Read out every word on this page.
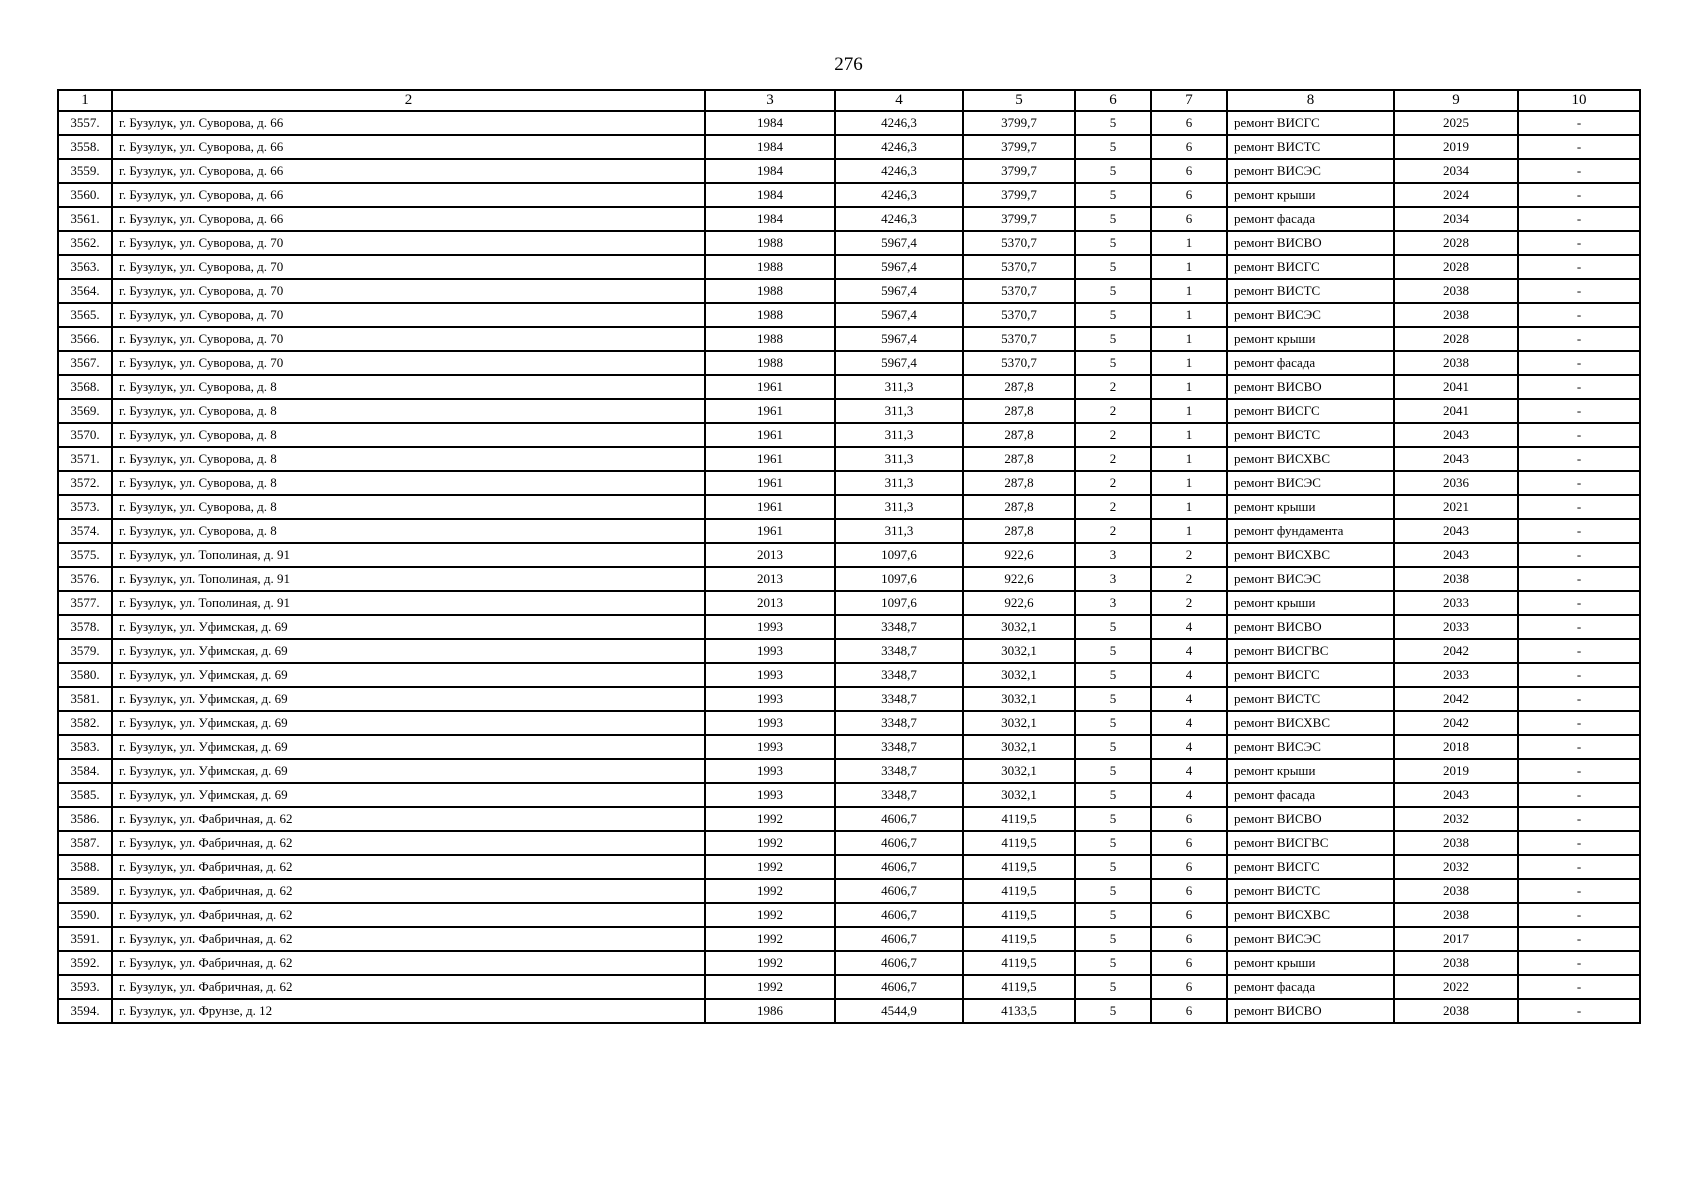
276
1	2	3	4	5	6	7	8	9	10
3557.	г. Бузулук, ул. Суворова, д. 66	1984	4246,3	3799,7	5	6	ремонт ВИСГС	2025	-
3558.	г. Бузулук, ул. Суворова, д. 66	1984	4246,3	3799,7	5	6	ремонт ВИСТС	2019	-
3559.	г. Бузулук, ул. Суворова, д. 66	1984	4246,3	3799,7	5	6	ремонт ВИСЭС	2034	-
3560.	г. Бузулук, ул. Суворова, д. 66	1984	4246,3	3799,7	5	6	ремонт крыши	2024	-
3561.	г. Бузулук, ул. Суворова, д. 66	1984	4246,3	3799,7	5	6	ремонт фасада	2034	-
3562.	г. Бузулук, ул. Суворова, д. 70	1988	5967,4	5370,7	5	1	ремонт ВИСВО	2028	-
3563.	г. Бузулук, ул. Суворова, д. 70	1988	5967,4	5370,7	5	1	ремонт ВИСГС	2028	-
3564.	г. Бузулук, ул. Суворова, д. 70	1988	5967,4	5370,7	5	1	ремонт ВИСТС	2038	-
3565.	г. Бузулук, ул. Суворова, д. 70	1988	5967,4	5370,7	5	1	ремонт ВИСЭС	2038	-
3566.	г. Бузулук, ул. Суворова, д. 70	1988	5967,4	5370,7	5	1	ремонт крыши	2028	-
3567.	г. Бузулук, ул. Суворова, д. 70	1988	5967,4	5370,7	5	1	ремонт фасада	2038	-
3568.	г. Бузулук, ул. Суворова, д. 8	1961	311,3	287,8	2	1	ремонт ВИСВО	2041	-
3569.	г. Бузулук, ул. Суворова, д. 8	1961	311,3	287,8	2	1	ремонт ВИСГС	2041	-
3570.	г. Бузулук, ул. Суворова, д. 8	1961	311,3	287,8	2	1	ремонт ВИСТС	2043	-
3571.	г. Бузулук, ул. Суворова, д. 8	1961	311,3	287,8	2	1	ремонт ВИСХВС	2043	-
3572.	г. Бузулук, ул. Суворова, д. 8	1961	311,3	287,8	2	1	ремонт ВИСЭС	2036	-
3573.	г. Бузулук, ул. Суворова, д. 8	1961	311,3	287,8	2	1	ремонт крыши	2021	-
3574.	г. Бузулук, ул. Суворова, д. 8	1961	311,3	287,8	2	1	ремонт фундамента	2043	-
3575.	г. Бузулук, ул. Тополиная, д. 91	2013	1097,6	922,6	3	2	ремонт ВИСХВС	2043	-
3576.	г. Бузулук, ул. Тополиная, д. 91	2013	1097,6	922,6	3	2	ремонт ВИСЭС	2038	-
3577.	г. Бузулук, ул. Тополиная, д. 91	2013	1097,6	922,6	3	2	ремонт крыши	2033	-
3578.	г. Бузулук, ул. Уфимская, д. 69	1993	3348,7	3032,1	5	4	ремонт ВИСВО	2033	-
3579.	г. Бузулук, ул. Уфимская, д. 69	1993	3348,7	3032,1	5	4	ремонт ВИСГВС	2042	-
3580.	г. Бузулук, ул. Уфимская, д. 69	1993	3348,7	3032,1	5	4	ремонт ВИСГС	2033	-
3581.	г. Бузулук, ул. Уфимская, д. 69	1993	3348,7	3032,1	5	4	ремонт ВИСТС	2042	-
3582.	г. Бузулук, ул. Уфимская, д. 69	1993	3348,7	3032,1	5	4	ремонт ВИСХВС	2042	-
3583.	г. Бузулук, ул. Уфимская, д. 69	1993	3348,7	3032,1	5	4	ремонт ВИСЭС	2018	-
3584.	г. Бузулук, ул. Уфимская, д. 69	1993	3348,7	3032,1	5	4	ремонт крыши	2019	-
3585.	г. Бузулук, ул. Уфимская, д. 69	1993	3348,7	3032,1	5	4	ремонт фасада	2043	-
3586.	г. Бузулук, ул. Фабричная, д. 62	1992	4606,7	4119,5	5	6	ремонт ВИСВО	2032	-
3587.	г. Бузулук, ул. Фабричная, д. 62	1992	4606,7	4119,5	5	6	ремонт ВИСГВС	2038	-
3588.	г. Бузулук, ул. Фабричная, д. 62	1992	4606,7	4119,5	5	6	ремонт ВИСГС	2032	-
3589.	г. Бузулук, ул. Фабричная, д. 62	1992	4606,7	4119,5	5	6	ремонт ВИСТС	2038	-
3590.	г. Бузулук, ул. Фабричная, д. 62	1992	4606,7	4119,5	5	6	ремонт ВИСХВС	2038	-
3591.	г. Бузулук, ул. Фабричная, д. 62	1992	4606,7	4119,5	5	6	ремонт ВИСЭС	2017	-
3592.	г. Бузулук, ул. Фабричная, д. 62	1992	4606,7	4119,5	5	6	ремонт крыши	2038	-
3593.	г. Бузулук, ул. Фабричная, д. 62	1992	4606,7	4119,5	5	6	ремонт фасада	2022	-
3594.	г. Бузулук, ул. Фрунзе, д. 12	1986	4544,9	4133,5	5	6	ремонт ВИСВО	2038	-
